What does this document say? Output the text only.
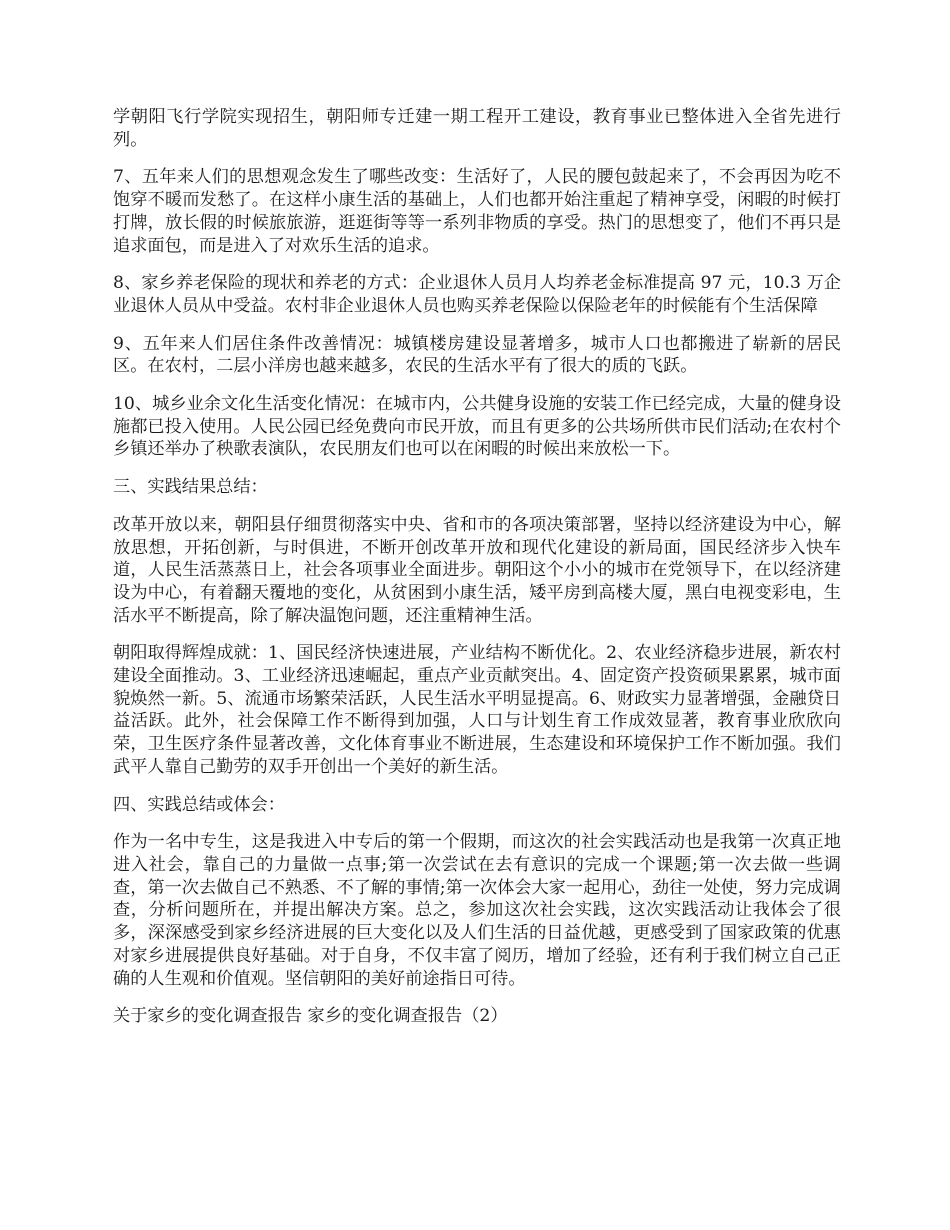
学朝阳飞行学院实现招生，朝阳师专迁建一期工程开工建设，教育事业已整体进入全省先进行列。

7、五年来人们的思想观念发生了哪些改变：生活好了，人民的腰包鼓起来了，不会再因为吃不饱穿不暖而发愁了。在这样小康生活的基础上，人们也都开始注重起了精神享受，闲暇的时候打打牌，放长假的时候旅旅游，逛逛街等等一系列非物质的享受。热门的思想变了，他们不再只是追求面包，而是进入了对欢乐生活的追求。

8、家乡养老保险的现状和养老的方式：企业退休人员月人均养老金标准提高 97 元，10.3 万企业退休人员从中受益。农村非企业退休人员也购买养老保险以保险老年的时候能有个生活保障

9、五年来人们居住条件改善情况：城镇楼房建设显著增多，城市人口也都搬进了崭新的居民区。在农村，二层小洋房也越来越多，农民的生活水平有了很大的质的飞跃。

10、城乡业余文化生活变化情况：在城市内，公共健身设施的安装工作已经完成，大量的健身设施都已投入使用。人民公园已经免费向市民开放，而且有更多的公共场所供市民们活动;在农村个乡镇还举办了秧歌表演队，农民朋友们也可以在闲暇的时候出来放松一下。

三、实践结果总结：

改革开放以来，朝阳县仔细贯彻落实中央、省和市的各项决策部署，坚持以经济建设为中心，解放思想，开拓创新，与时俱进，不断开创改革开放和现代化建设的新局面，国民经济步入快车道，人民生活蒸蒸日上，社会各项事业全面进步。朝阳这个小小的城市在党领导下，在以经济建设为中心，有着翻天覆地的变化，从贫困到小康生活，矮平房到高楼大厦，黑白电视变彩电，生活水平不断提高，除了解决温饱问题，还注重精神生活。

朝阳取得辉煌成就：1、国民经济快速进展，产业结构不断优化。2、农业经济稳步进展，新农村建设全面推动。3、工业经济迅速崛起，重点产业贡献突出。4、固定资产投资硕果累累，城市面貌焕然一新。5、流通市场繁荣活跃，人民生活水平明显提高。6、财政实力显著增强，金融贷日益活跃。此外，社会保障工作不断得到加强，人口与计划生育工作成效显著，教育事业欣欣向荣，卫生医疗条件显著改善，文化体育事业不断进展，生态建设和环境保护工作不断加强。我们武平人靠自己勤劳的双手开创出一个美好的新生活。

四、实践总结或体会：

作为一名中专生，这是我进入中专后的第一个假期，而这次的社会实践活动也是我第一次真正地进入社会，靠自己的力量做一点事;第一次尝试在去有意识的完成一个课题;第一次去做一些调查，第一次去做自己不熟悉、不了解的事情;第一次体会大家一起用心，劲往一处使，努力完成调查，分析问题所在，并提出解决方案。总之，参加这次社会实践，这次实践活动让我体会了很多，深深感受到家乡经济进展的巨大变化以及人们生活的日益优越，更感受到了国家政策的优惠对家乡进展提供良好基础。对于自身，不仅丰富了阅历，增加了经验，还有利于我们树立自己正确的人生观和价值观。坚信朝阳的美好前途指日可待。

关于家乡的变化调查报告 家乡的变化调查报告（2）
